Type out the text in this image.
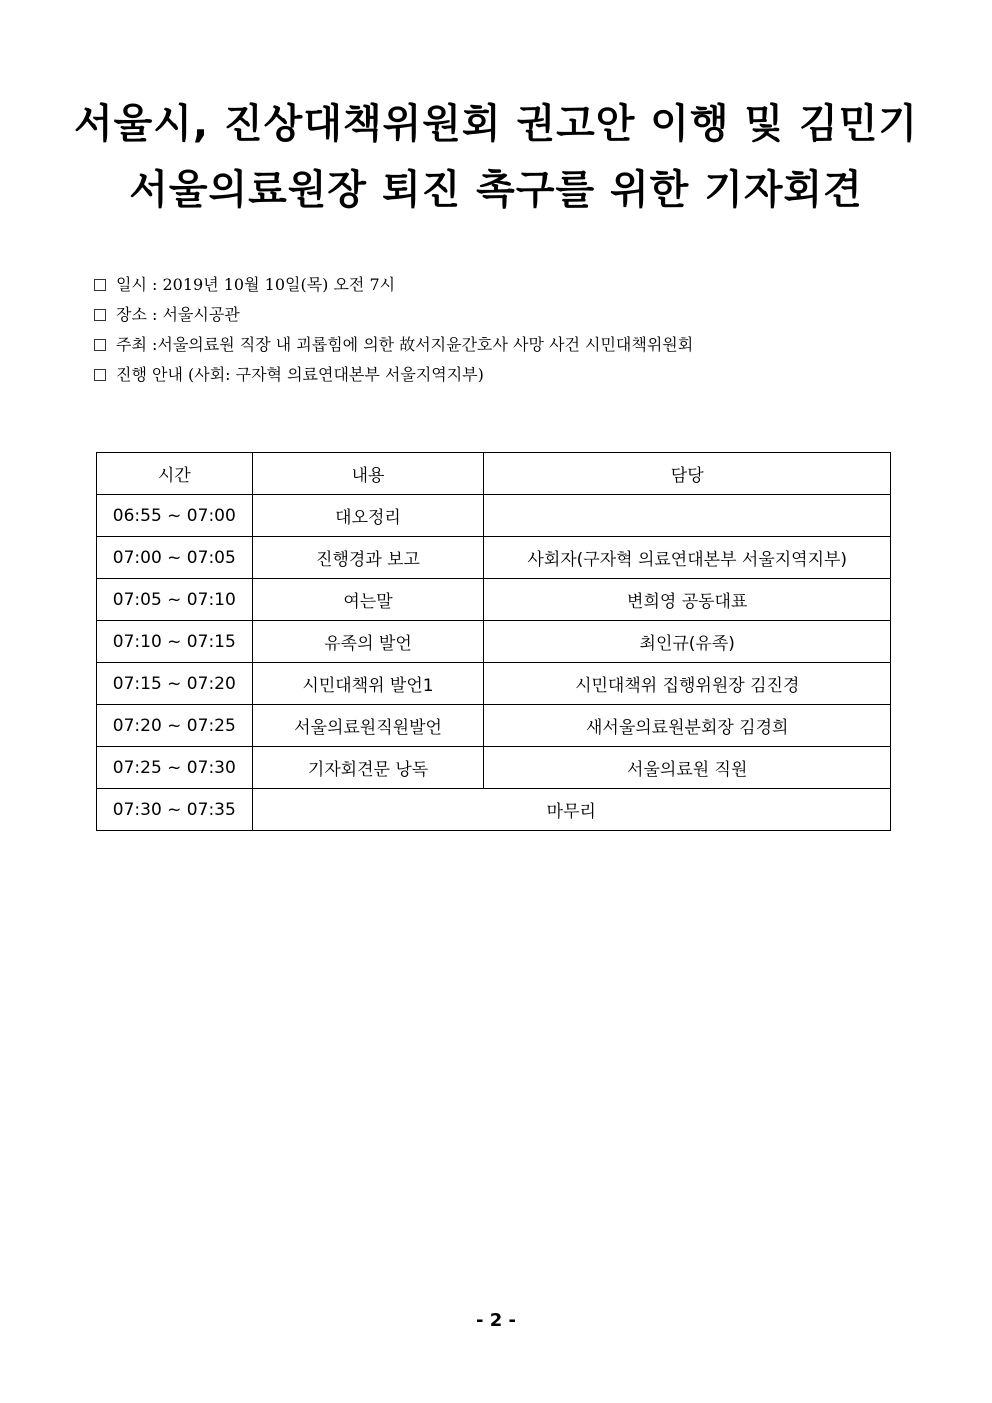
서울시, 진상대책위원회 권고안 이행 및 김민기
서울의료원장 퇴진 촉구를 위한 기자회견
일시 : 2019년 10월 10일(목) 오전 7시
장소 : 서울시공관
주최 :서울의료원 직장 내 괴롭힘에 의한 故서지윤간호사 사망 사건 시민대책위원회
진행 안내 (사회: 구자혁 의료연대본부 서울지역지부)
시간	내용	담당
06:55 ~ 07:00	대오정리	
07:00 ~ 07:05	진행경과 보고	사회자(구자혁 의료연대본부 서울지역지부)
07:05 ~ 07:10	여는말	변희영 공동대표
07:10 ~ 07:15	유족의 발언	최인규(유족)
07:15 ~ 07:20	시민대책위 발언1	시민대책위 집행위원장 김진경
07:20 ~ 07:25	서울의료원직원발언	새서울의료원분회장 김경희
07:25 ~ 07:30	기자회견문 낭독	서울의료원 직원
07:30 ~ 07:35	마무리	
- 2 -
